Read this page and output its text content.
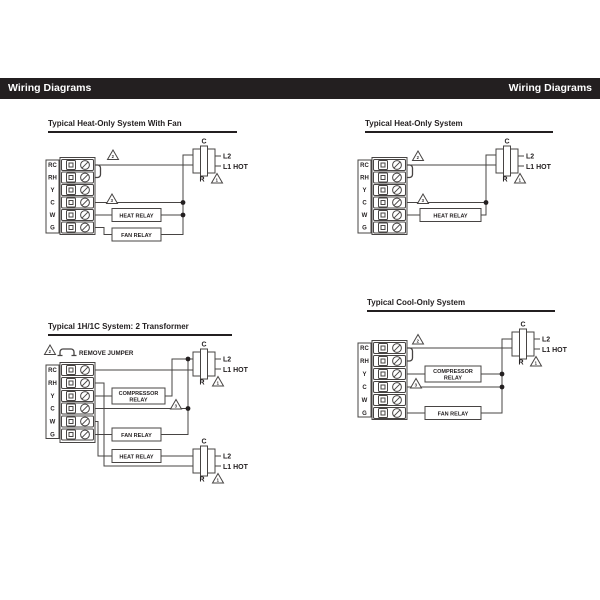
Wiring Diagrams	Wiring Diagrams
Typical Heat-Only System With Fan	Typical Heat-Only System
Typical 1H/1C System: 2 Transformer
Typical Cool-Only System
RC
RH
Y
C
W
G
HEAT RELAY
FAN RELAY
C
R
L2
L1 HOT
2
3
1
RC
RH
Y
C
W
G
HEAT RELAY
C
R
L2
L1 HOT
2
3
1
2	REMOVE JUMPER
RC
RH
Y
C
W
G
COMPRESSOR
RELAY
FAN RELAY
HEAT RELAY
C
R
L2
L1 HOT
1
3
C
R
L2
L1 HOT
1
RC
RH
Y
C
W
G
COMPRESSOR
RELAY
FAN RELAY
C
R
L2
L1 HOT
2
3
1
